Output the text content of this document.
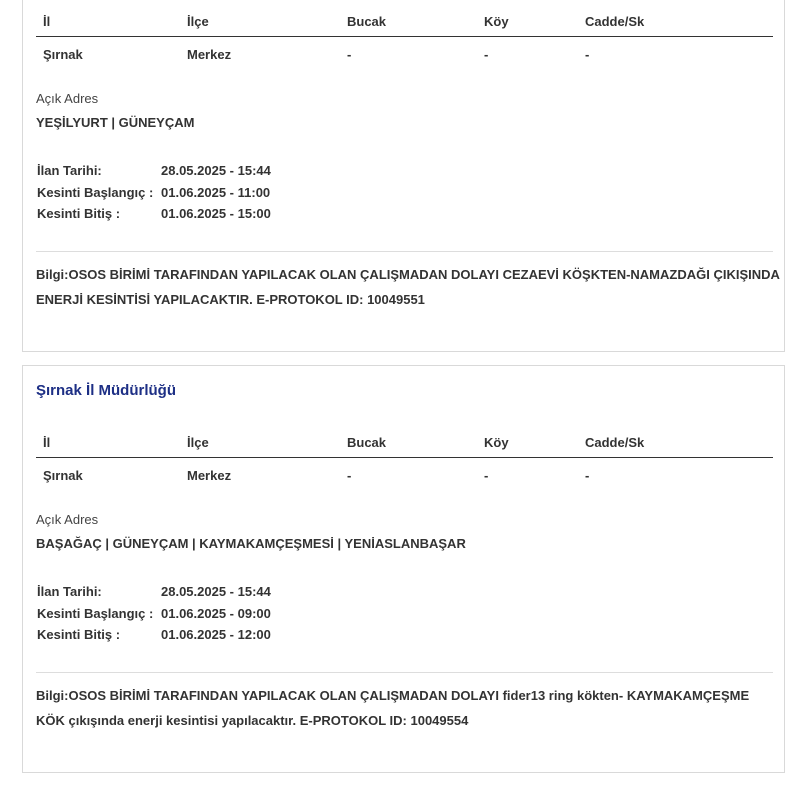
İl	İlçe	Bucak	Köy	Cadde/Sk
Şırnak	Merkez	-	-	-
Açık Adres
YEŞİLYURT | GÜNEYÇAM
İlan Tarihi:	28.05.2025 - 15:44
Kesinti Başlangıç : 01.06.2025 - 11:00
Kesinti Bitiş :	01.06.2025 - 15:00
Bilgi:OSOS BİRİMİ TARAFINDAN YAPILACAK OLAN ÇALIŞMADAN DOLAYI CEZAEVİ KÖŞKTEN-NAMAZDAĞI ÇIKIŞINDA ENERJİ KESİNTİSİ YAPILACAKTIR. E-PROTOKOL ID: 10049551
Şırnak İl Müdürlüğü
İl	İlçe	Bucak	Köy	Cadde/Sk
Şırnak	Merkez	-	-	-
Açık Adres
BAŞAĞAÇ | GÜNEYÇAM | KAYMAKAMÇEŞMESİ | YENİASLANBAŞAR
İlan Tarihi:	28.05.2025 - 15:44
Kesinti Başlangıç : 01.06.2025 - 09:00
Kesinti Bitiş :	01.06.2025 - 12:00
Bilgi:OSOS BİRİMİ TARAFINDAN YAPILACAK OLAN ÇALIŞMADAN DOLAYI fider13 ring kökten- KAYMAKAMÇEŞME KÖK çıkışında enerji kesintisi yapılacaktır. E-PROTOKOL ID: 10049554
